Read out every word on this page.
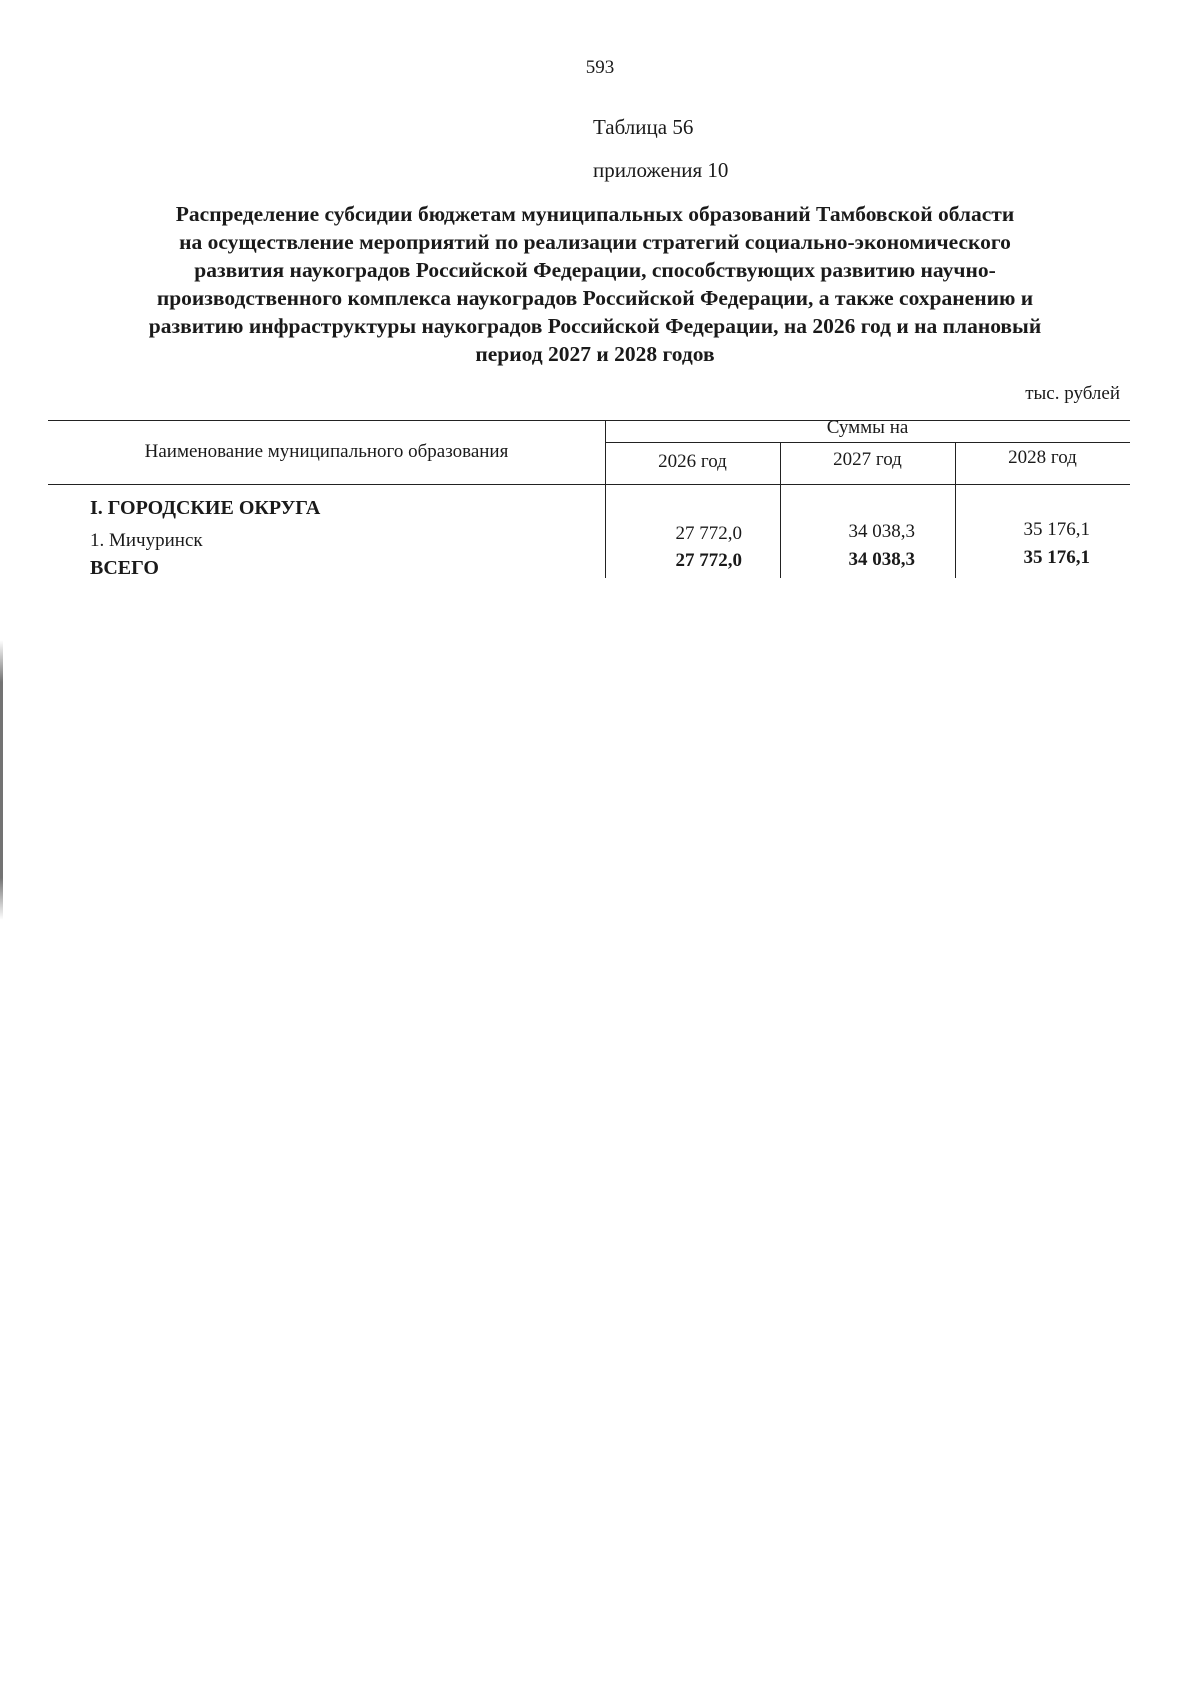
593
Таблица 56
приложения 10
Распределение субсидии бюджетам муниципальных образований Тамбовской области
на осуществление мероприятий по реализации стратегий социально-экономического
развития наукоградов Российской Федерации, способствующих развитию научно-
производственного комплекса наукоградов Российской Федерации, а также сохранению и
развитию инфраструктуры наукоградов Российской Федерации, на 2026 год и на плановый
период 2027 и 2028 годов
тыс. рублей
Наименование муниципального образования
Суммы на
2026 год	2027 год	2028 год
I. ГОРОДСКИЕ ОКРУГА
1. Мичуринск	27 772,0	34 038,3	35 176,1
ВСЕГО	27 772,0	34 038,3	35 176,1
